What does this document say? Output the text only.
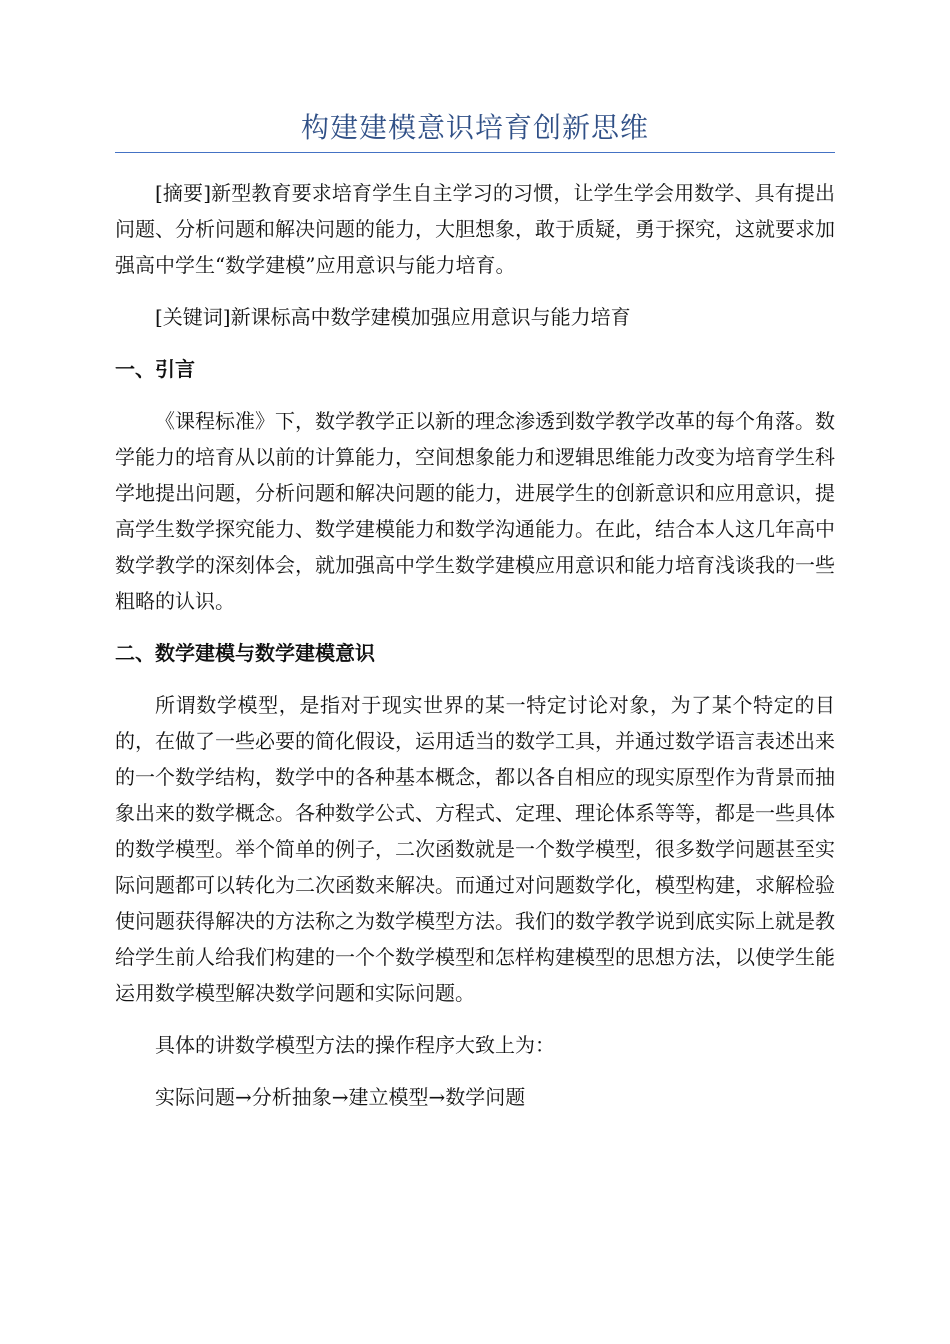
构建建模意识培育创新思维

[摘要]新型教育要求培育学生自主学习的习惯，让学生学会用数学、具有提出问题、分析问题和解决问题的能力，大胆想象，敢于质疑，勇于探究，这就要求加强高中学生“数学建模”应用意识与能力培育。

[关键词]新课标高中数学建模加强应用意识与能力培育

一、引言

《课程标准》下，数学教学正以新的理念渗透到数学教学改革的每个角落。数学能力的培育从以前的计算能力，空间想象能力和逻辑思维能力改变为培育学生科学地提出问题，分析问题和解决问题的能力，进展学生的创新意识和应用意识，提高学生数学探究能力、数学建模能力和数学沟通能力。在此，结合本人这几年高中数学教学的深刻体会，就加强高中学生数学建模应用意识和能力培育浅谈我的一些粗略的认识。

二、数学建模与数学建模意识

所谓数学模型，是指对于现实世界的某一特定讨论对象，为了某个特定的目的，在做了一些必要的简化假设，运用适当的数学工具，并通过数学语言表述出来的一个数学结构，数学中的各种基本概念，都以各自相应的现实原型作为背景而抽象出来的数学概念。各种数学公式、方程式、定理、理论体系等等，都是一些具体的数学模型。举个简单的例子，二次函数就是一个数学模型，很多数学问题甚至实际问题都可以转化为二次函数来解决。而通过对问题数学化，模型构建，求解检验使问题获得解决的方法称之为数学模型方法。我们的数学教学说到底实际上就是教给学生前人给我们构建的一个个数学模型和怎样构建模型的思想方法，以使学生能运用数学模型解决数学问题和实际问题。

具体的讲数学模型方法的操作程序大致上为：

实际问题→分析抽象→建立模型→数学问题
